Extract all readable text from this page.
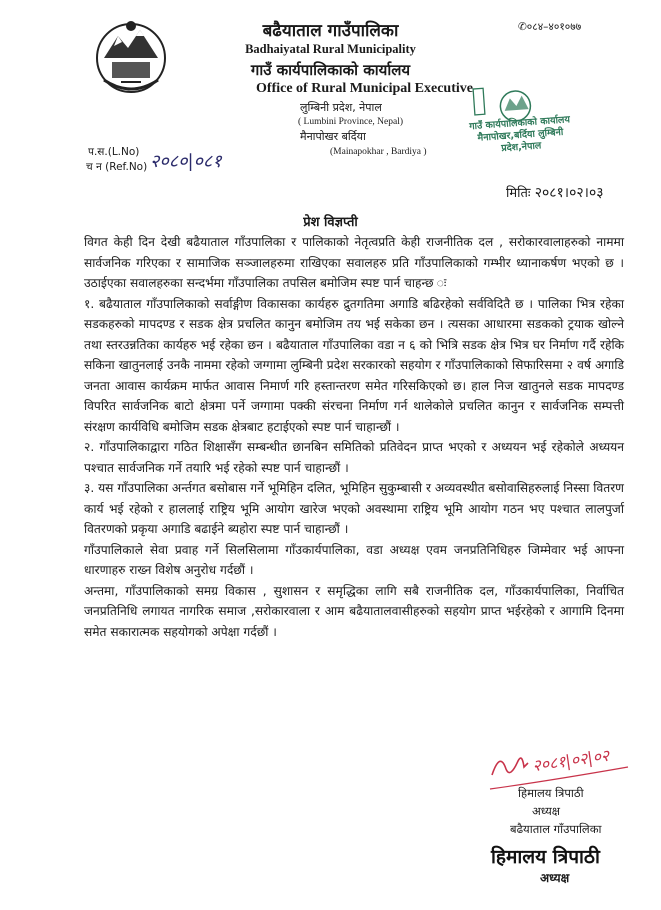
✆०८४–४०१०७७
बढैयाताल गाउँपालिका
Badhaiyatal Rural Municipality
गाउँ कार्यपालिकाको कार्यालय
Office of Rural Municipal Executive
लुम्बिनी प्रदेश, नेपाल
( Lumbini Province, Nepal)
मैनापोखर बर्दिया
(Mainapokhar , Bardiya )
गाउँ कार्यपालिकाको कार्यालय मैनापोखर,बर्दिया लुम्बिनी प्रदेश,नेपाल
प.स.(L.No)
च न (Ref.No) २०८०|०८१
मितिः २०८१।०२।०३
प्रेश विज्ञप्ती

विगत केही दिन देखी बढैयाताल गाँउपालिका र पालिकाको नेतृत्वप्रति केही राजनीतिक दल , सरोकारवालाहरुको नाममा सार्वजनिक गरिएका र सामाजिक सञ्जालहरुमा राखिएका सवालहरु प्रति गाँउपालिकाको गम्भीर ध्यानाकर्षण भएको छ । उठाईएका सवालहरुका सन्दर्भमा गाँउपालिका तपसिल बमोजिम स्पष्ट पार्न चाहन्छ ः

१. बढैयाताल गाँउपालिकाको सर्वाङ्गीण विकासका कार्यहरु द्रुतगतिमा अगाडि बढिरहेको सर्वविदितै छ । पालिका भित्र रहेका सडकहरुको मापदण्ड र सडक क्षेत्र प्रचलित कानुन बमोजिम तय भई सकेका छन । त्यसका आधारमा सडकको ट्रयाक खोल्ने तथा स्तरउन्नतिका कार्यहरु भई रहेका छन । बढैयाताल गाँउपालिका वडा न ६ को भित्रि सडक क्षेत्र भित्र घर निर्माण गर्दै रहेकि सकिना खातुनलाई उनकै नाममा रहेको जग्गामा लुम्बिनी प्रदेश सरकारको सहयोग र गाँउपालिकाको सिफारिसमा २ वर्ष अगाडि जनता आवास कार्यक्रम मार्फत आवास निमार्ण गरि हस्तान्तरण समेत गरिसकिएको छ। हाल निज खातुनले सडक मापदण्ड विपरित सार्वजनिक बाटो क्षेत्रमा पर्ने जग्गामा पक्की संरचना निर्माण गर्न थालेकोले प्रचलित कानुन र सार्वजनिक सम्पत्ती संरक्षण कार्यविधि बमोजिम सडक क्षेत्रबाट हटाईएको स्पष्ट पार्न चाहान्छौं ।

२. गाँउपालिकाद्वारा गठित शिक्षासँग सम्बन्धीत छानबिन समितिको प्रतिवेदन प्राप्त भएको र अध्ययन भई रहेकोले अध्ययन पश्चात सार्वजनिक गर्ने तयारि भई रहेको स्पष्ट पार्न चाहान्छौं ।

३. यस गाँउपालिका अर्न्तगत बसोबास गर्ने भूमिहिन दलित, भूमिहिन सुकुम्बासी र अव्यवस्थीत बसोवासिहरुलाई निस्सा वितरण कार्य भई रहेको र हाललाई राष्ट्रिय भूमि आयोग खारेज भएको अवस्थामा राष्ट्रिय भूमि आयोग गठन भए पश्चात लालपुर्जा वितरणको प्रकृया अगाडि बढाईने ब्यहोरा स्पष्ट पार्न चाहान्छौं ।

गाँउपालिकाले सेवा प्रवाह गर्ने सिलसिलामा गाँउकार्यपालिका, वडा अध्यक्ष एवम जनप्रतिनिधिहरु जिम्मेवार भई आफ्ना धारणाहरु राख्न विशेष अनुरोध गर्दछौं ।

अन्तमा, गाँउपालिकाको समग्र विकास , सुशासन र समृद्धिका लागि सबै राजनीतिक दल, गाँउकार्यपालिका, निर्वाचित जनप्रतिनिधि लगायत नागरिक समाज ,सरोकारवाला र आम बढैयातालवासीहरुको सहयोग प्राप्त भईरहेको र आगामि दिनमा समेत सकारात्मक सहयोगको अपेक्षा गर्दछौं ।

२०८१|०२|०२
हिमालय त्रिपाठी
अध्यक्ष
बढैयाताल गाँउपालिका
हिमालय त्रिपाठी
अध्यक्ष
